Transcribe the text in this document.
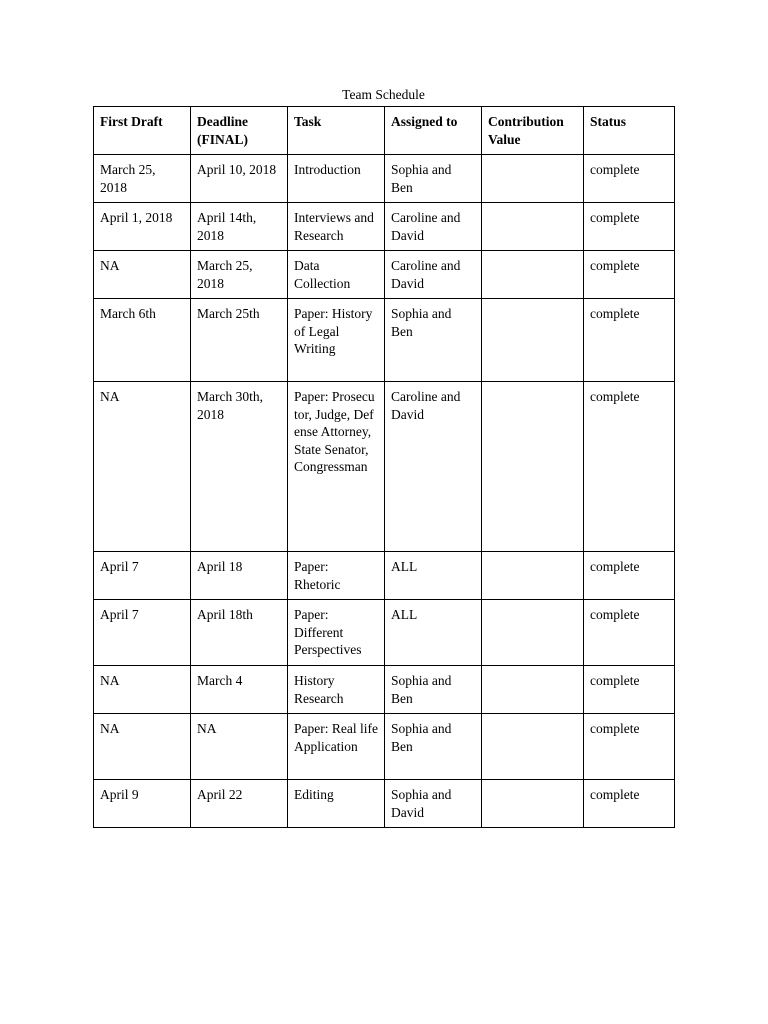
Team Schedule
First Draft	Deadline (FINAL)	Task	Assigned to	Contribution Value	Status
March 25, 2018	April 10, 2018	Introduction	Sophia and Ben		complete
April 1, 2018	April 14th, 2018	Interviews and Research	Caroline and David		complete
NA	March 25, 2018	Data Collection	Caroline and David		complete
March 6th	March 25th	Paper: History of Legal Writing	Sophia and Ben		complete
NA	March 30th, 2018	Paper: Prosecutor, Judge, Defense Attorney, State Senator, Congressman	Caroline and David		complete
April 7	April 18	Paper: Rhetoric	ALL		complete
April 7	April 18th	Paper: Different Perspectives	ALL		complete
NA	March 4	History Research	Sophia and Ben		complete
NA	NA	Paper: Real life Application	Sophia and Ben		complete
April 9	April 22	Editing	Sophia and David		complete
